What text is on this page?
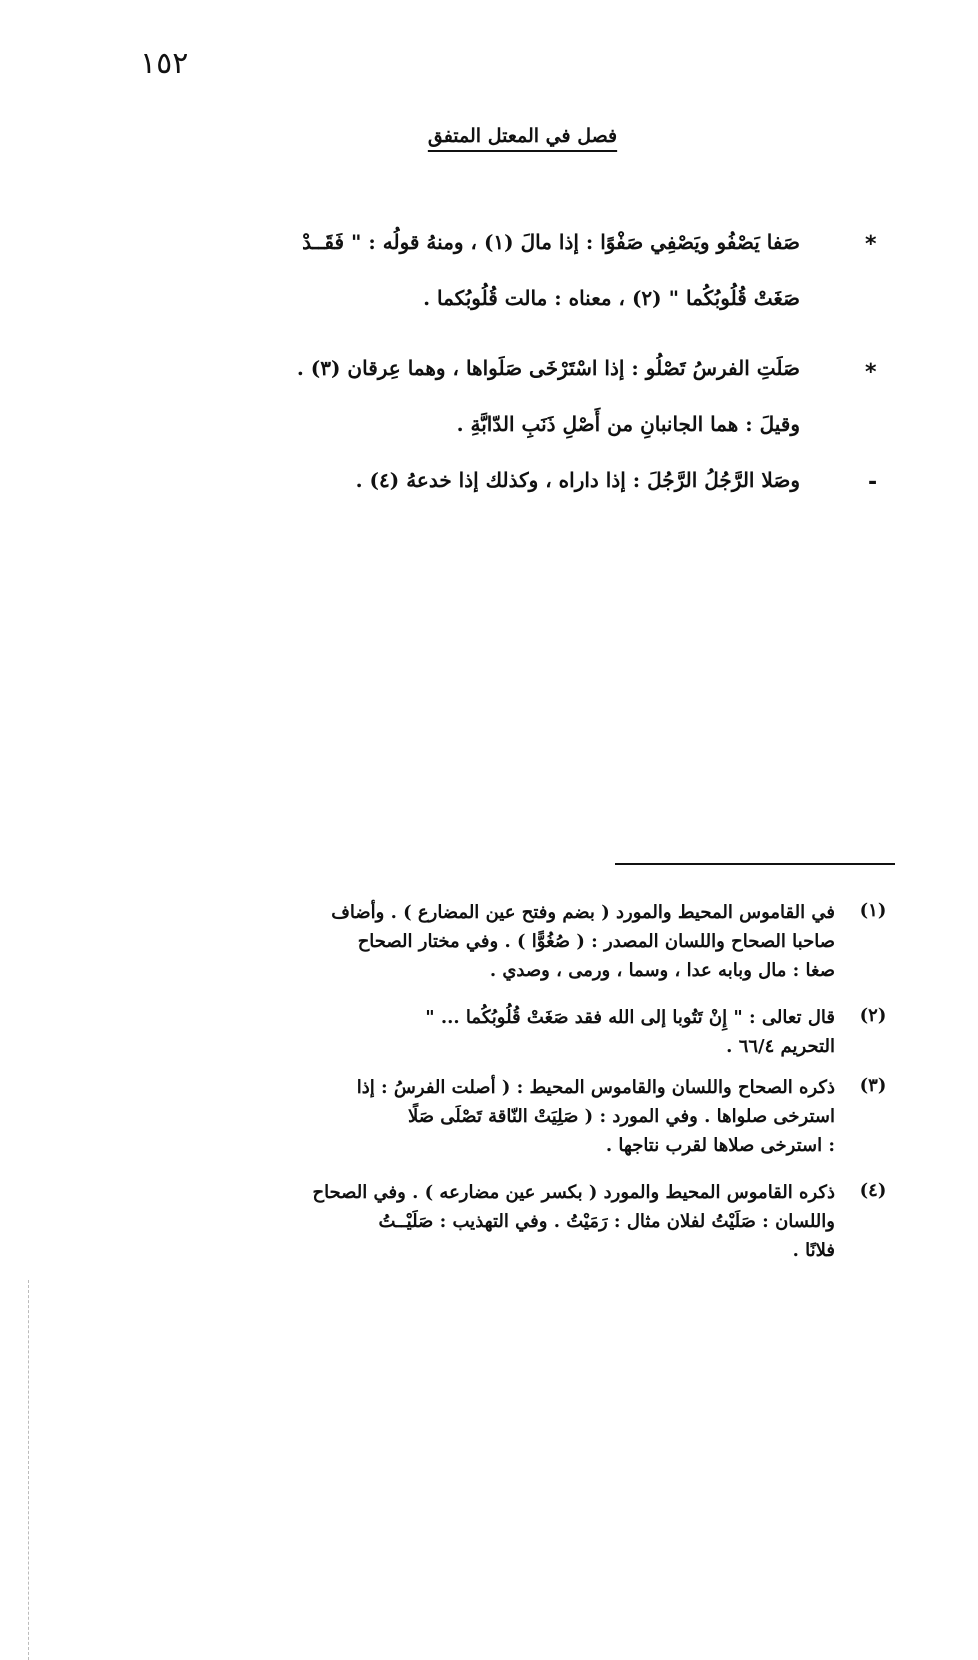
١٥٢
فصل في المعتل المتفق
*
صَفا يَصْفُو ويَصْفِي صَفْوًا : إذا مالَ (١) ، ومنهُ قولُه : " فَقَــدْ
صَغَتْ قُلُوبُكُما " (٢) ، معناه : مالت قُلُوبُكما .
*
صَلَتِ الفرسُ تَصْلُو : إذا اسْتَرْخَى صَلَواها ، وهما عِرقان (٣) .
وقيلَ : هما الجانبانِ من أَصْلِ ذَنَبِ الدّابَّةِ .
-
وصَلا الرَّجُلُ الرَّجُلَ : إذا داراه ، وكذلك إذا خدعهُ (٤) .
(١)
في القاموس المحيط والمورد ( بضم وفتح عين المضارع ) . وأضاف
صاحبا الصحاح واللسان المصدر : ( صُغُوًّا ) . وفي مختار الصحاح
صغا : مال وبابه عدا ، وسما ، ورمى ، وصدي .
(٢)
قال تعالى : " إِنْ تَتُوبا إلى الله فقد صَغَتْ قُلُوبُكُما ... "
التحريم ٦٦/٤ .
(٣)
ذكره الصحاح واللسان والقاموس المحيط : ( أصلت الفرسُ : إذا
استرخى صلواها . وفي المورد : ( صَلِيَتْ النّاقة تَصْلَى صَلًا
: استرخى صلاها لقرب نتاجها .
(٤)
ذكره القاموس المحيط والمورد ( بكسر عين مضارعه ) . وفي الصحاح
واللسان : صَلَيْتُ لفلان مثال : رَمَيْتُ . وفي التهذيب : صَلَيْــتُ
فلانًا .
